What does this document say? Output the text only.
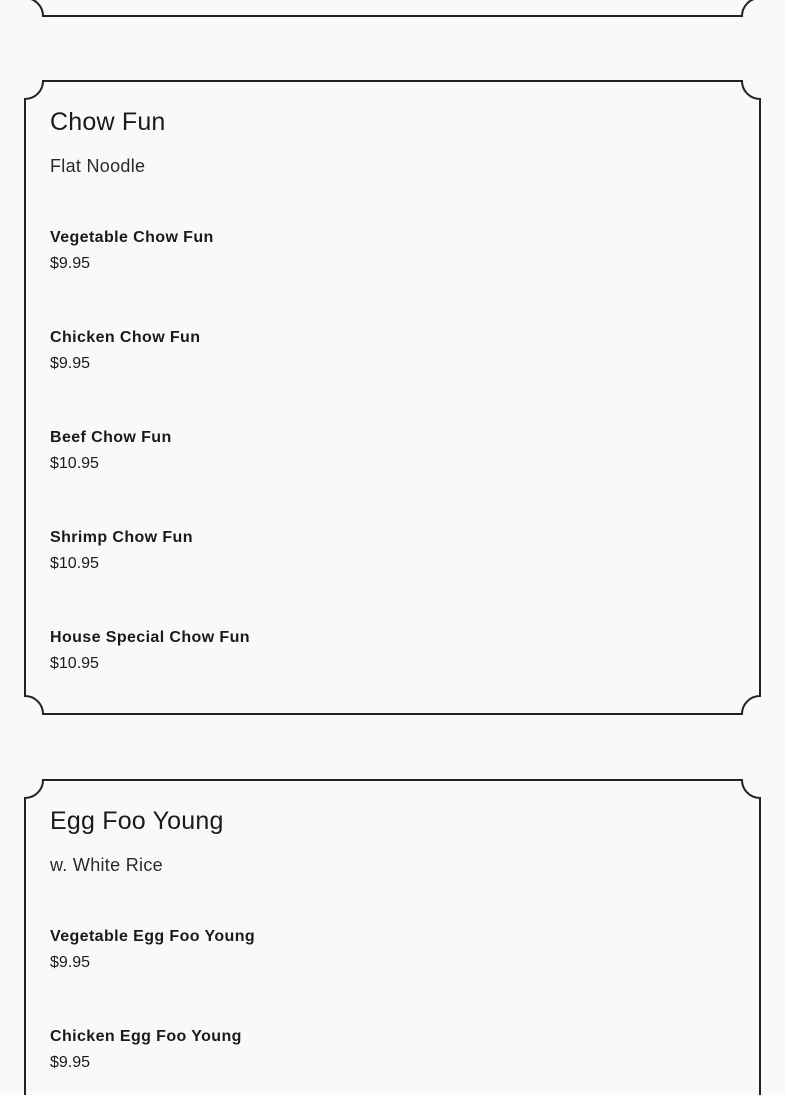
Chow Fun

Flat Noodle

Vegetable Chow Fun
$9.95
Chicken Chow Fun
$9.95
Beef Chow Fun
$10.95
Shrimp Chow Fun
$10.95
House Special Chow Fun
$10.95
Egg Foo Young

w. White Rice

Vegetable Egg Foo Young
$9.95
Chicken Egg Foo Young
$9.95
